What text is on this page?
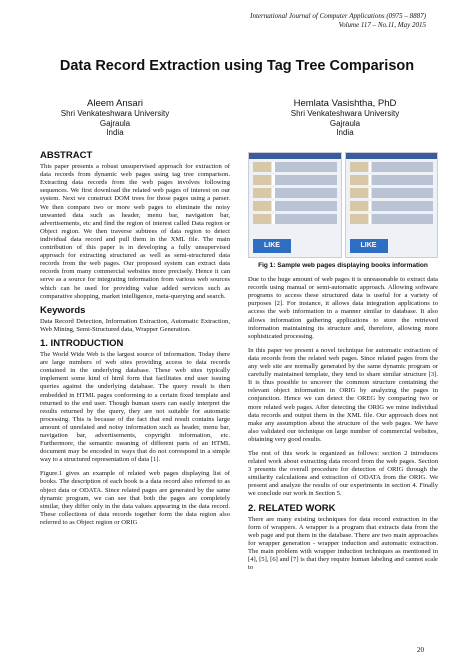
International Journal of Computer Applications (0975 – 8887)
Volume 117 – No.11, May 2015
Data Record Extraction using Tag Tree Comparison
Aleem Ansari
Shri Venkateshwara University
Gajraula
India
Hemlata Vasishtha, PhD
Shri Venkateshwara University
Gajraula
India
ABSTRACT

This paper presents a robust unsupervised approach for extraction of data records from dynamic web pages using tag tree comparison. Extracting data records from the web pages involves following sequences. We first download the related web pages of interest on our system. Next we construct DOM trees for those pages using a parser. We then compare two or more web pages to eliminate the noisy unwanted data such as header, menu bar, navigation bar, advertisements, etc and find the region of interest called Data region or Object region. We then traverse subtrees of data region to detect individual data record and pull them in the XML file. The main contribution of this paper is in developing a fully unsupervised approach for extracting structured as well as semi-structured data records from the web pages. Our proposed system can extract data records from many commercial websites more precisely. Hence it can serve as a source for integrating information from various web sources which can be used for providing value added services such as comparative shopping, market intelligence, meta-querying and search.

Keywords

Data Record Detection, Information Extraction, Automatic Extraction, Web Mining, Semi-Structured data, Wrapper Generation.

1. INTRODUCTION

The World Wide Web is the largest source of information. Today there are large numbers of web sites providing access to data records contained in the underlying database. These web sites typically implement some kind of html form that facilitates end user issuing queries against the underlying database. The query result is then embedded in HTML pages conforming to a certain fixed template and returned to the end user. Though human users can easily interpret the results returned by the query, they are not suitable for automatic processing. This is because of the fact that end result contains large amount of unrelated and noisy information such as header, menu bar, navigation bar, advertisements, copyright information, etc. Furthermore, the semantic meaning of different parts of an HTML document may be encoded in ways that do not correspond in a simple way to a structured representation of data [1].

Figure.1 gives an example of related web pages displaying list of books. The description of each book is a data record also referred to as object data or ODATA. Since related pages are generated by the same dynamic program, we can see that both the pages are completely similar, they differ only in the data values appearing in the data record. These collections of data records together form the data region also referred to as Object region or ORIG

LIKE	LIKE
Fig 1: Sample web pages displaying books information

Due to the huge amount of web pages it is unreasonable to extract data records using manual or semi-automatic approach. Allowing software programs to access these structured data is useful for a variety of purposes [2]. For instance, it allows data integration applications to access the web information in a manner similar to database. It also allows information gathering applications to store the retrieved information maintaining its structure and, therefore, allowing more sophisticated processing.

In this paper we present a novel technique for automatic extraction of data records from the related web pages. Since related pages from the any web site are normally generated by the same dynamic program or carefully maintained template, they tend to share similar structure [3]. It is thus possible to uncover the common structure containing the relevant object information in ORIG by analyzing the pages in conjunction. Hence we can detect the OREG by comparing two or more related web pages. After detecting the ORIG we mine individual data records and output them in the XML file. Our approach does not make any assumption about the structure of the web pages. We have also validated our technique on large number of commercial websites, obtaining very good results.

The rest of this work is organized as follows: section 2 introduces related work about extracting data record from the web pages. Section 3 presents the overall procedure for detection of ORIG through the similarity calculations and extraction of ODATA from the ORIG. We present and analyze the results of our experiments in section 4. Finally we conclude our work in Section 5.

2. RELATED WORK

There are many existing techniques for data record extraction in the form of wrappers. A wrapper is a program that extracts data from the web page and put them in the database. There are two main approaches for wrapper generation - wrapper induction and automatic extraction. The main problem with wrapper induction techniques as mentioned in [4], [5], [6] and [7] is that they require human labeling and cannot scale to

20
